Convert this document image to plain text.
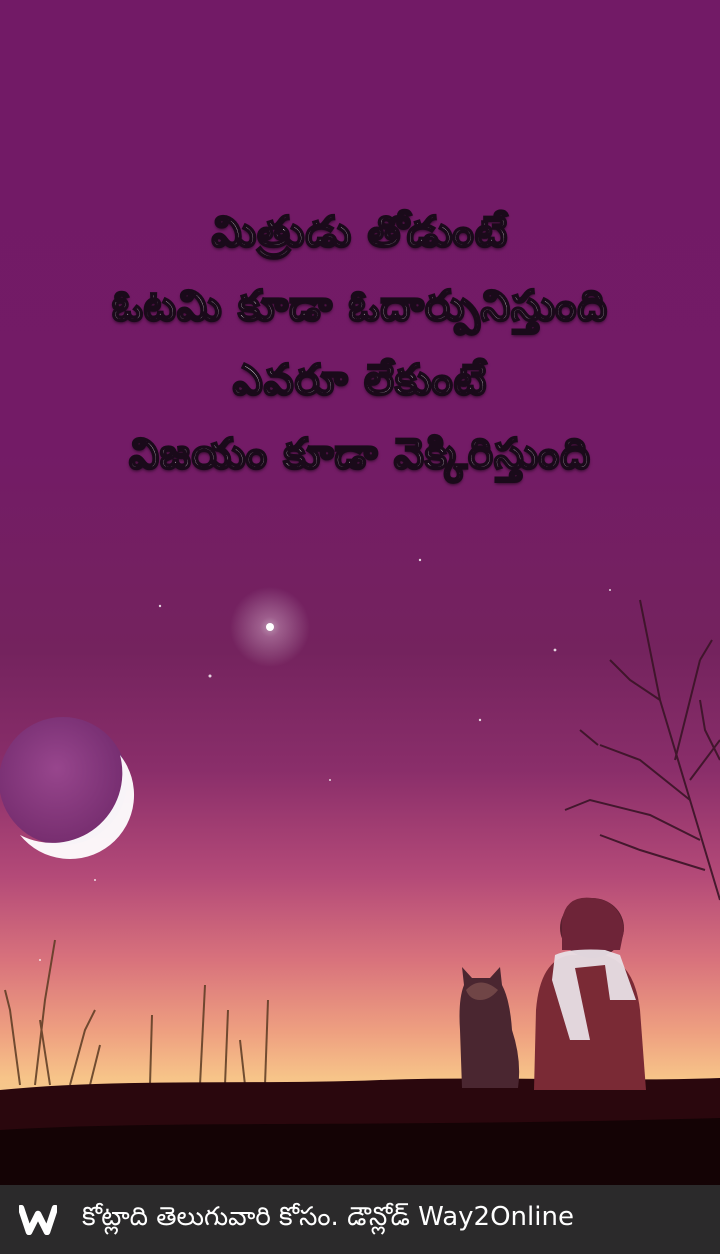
మిత్రుడు తోడుంటే
ఓటమి కూడా ఓదార్పునిస్తుంది
ఎవరూ లేకుంటే
విజయం కూడా వెక్కిరిస్తుంది
కోట్లాది తెలుగువారి కోసం. డౌన్లోడ్ Way2Online
